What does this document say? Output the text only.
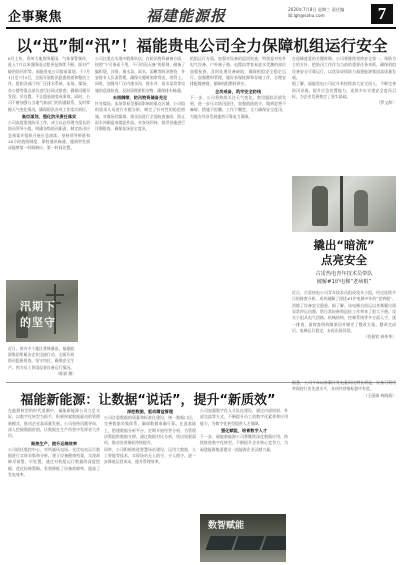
企事聚焦	福建能源报	2020年7月8日 星期三 责任编辑:lgh@sohu.com	7
以“迅”制“汛”！福能贵电公司全力保障机组运行安全

6月上旬，贵州大地普降暴雨，气象预警频传，进入7月以来强降雨过程更是持续不断。面对严峻的防汛形势，福能贵电公司提前谋划，于7月1日至7月5日，全面开展防汛隐患排查和整治工作，组织各部门对厂区排水系统、灰场、煤场、办公楼等重点部位进行拉网式排查，确保问题早发现、早处置，不让隐患演变成事故。同时，公司不断加强与当地气象部门的沟通联系，及时掌握天气变化情况，确保防汛各项工作落实到位。

高位谋划，强化防汛责任落实

公司高度重视防汛工作，成立以总经理为组长的防汛领导小组，明确各级防汛职责，制定防汛应急预案并组织开展应急演练。坚持领导带班和24小时值班制度，保持通讯畅通，遇到突发情况能够第一时间响应、第一时间处置。

公司注重在实战中锻炼队伍，在防汛物资储备方面，按照“宁可备而不用，不可用而无备”的原则，储备了编织袋、沙袋、抽水泵、雨衣、雨靴等防汛物资，并安排专人负责管理，确保关键时刻拿得出、用得上。同时，加强对厂区内排水沟、排水井、雨水泵房等设施的巡视检查，及时清理淤积杂物，确保排水畅通。

未雨绸缪，防汛物资储备充足

针对煤场、灰场等易受暴雨影响的重点区域，公司组织技术人员进行专题分析，制定了针对性的防范措施。对煤场挡煤墙、排水沟进行全面检查加固，防止雨水冲刷造成煤泥外流。对灰场坝体、排洪设施进行详细排查，确保灰场安全度汛。

机组运行方面，加强对设备的巡回检查，特别是对室外电气设备、户外端子箱、电缆沟等容易进水受潮的部位加强检查，及时处理设备缺陷，确保机组安全稳定运行。加强燃料管理，做好来煤接卸和存储工作，合理安排配煤掺烧，保障机组燃料供应。

全员戒备，筑牢安全防线

下一步，公司将持续关注天气变化，密切跟踪汛情发展，进一步压实防汛责任，加强值班值守，做到思想不麻痹、措施不松懈、工作不懈怠，全力确保安全度汛，为地方经济发展提供可靠电力保障。

在迎峰度夏的关键时期，公司将继续坚持安全第一、预防为主的方针，把防汛工作作为当前的重要任务来抓，确保机组设备安全可靠运行，以优异成绩助力福建能源集团高质量发展。

据了解，福能贵电公司近年来持续加大安全投入，不断完善防汛设施，提升应急处置能力，连续多年实现安全度汛目标，为企业发展奠定了坚实基础。

（罗文辉）

撬出“暗流”
点亮安全
古雷热电青年技术员带队
破解#1炉电梯“老病根”

近日，古雷热电公司青年技术员组成攻关小组，经过连续多日的排查分析，成功破解了困扰#1炉电梯多年的“老病根”，消除了设备安全隐患。据了解，该电梯自投运以来频繁出现异常停运问题，给日常检修和巡检工作带来了很大不便。攻关小组从电气回路、机械结构、控制系统等多方面入手，逐一排查，最终查明故障原因并制定了整改方案。整改完成后，电梯运行稳定，未再出现异常。

（张振钦 林伟华）

汛期下
的坚守

近日，省内多个地区普降暴雨，福建能源集团所属各企业迅速行动，全面开展防汛隐患排查，坚守岗位，确保安全生产。图为员工冒雨巡查设备运行情况。

（陈斌 摄）

福能新能源：让数据“说话”，提升“新质效”

在能源转型的时代浪潮中，福能新能源公司立足实际，以数字化转型为抓手，积极探索数据驱动的管理新模式，推动企业高质量发展。公司坚持问题导向，深入挖掘数据价值，让数据在生产经营中发挥更大作用。

聚焦生产，提升运维效率

公司依托集控中心，对所属风电场、光伏电站运行数据进行实时采集和分析，建立设备健康档案，实现故障早预警、早处置。通过对机组运行数据的深度挖掘，优化检修策略，有效降低了设备故障率，提高了发电效率。

深挖数据，驱动精益管理

公司注重数据的质量和标准化建设，统一数据口径，完善数据采集体系，确保数据准确可靠。在此基础上，搭建数据分析平台，定期开展经营分析，为管理决策提供数据支撑。通过数据对比分析，找出短板弱项，推动各项指标持续提升。

同时，公司积极推进智慧场站建设，运用大数据、人工智能等技术，实现场站无人值守、少人值守，进一步降低运营成本，提升管理效率。

公司加强数字化人才队伍建设，通过内部培训、外部交流等方式，不断提升员工的数字化素养和应用能力，为数字化转型提供人才保障。

强化赋能，培育数字人才

下一步，福能新能源公司将继续深化数据应用，持续推进数字化转型，不断提升企业核心竞争力，为福建能源集团建设一流能源企业贡献力量。

据悉，公司今年以来累计发电量同比增长明显，设备可利用率保持行业先进水平，各项经营指标稳中有进。

（王丽娟 林晓燕）

数智赋能
